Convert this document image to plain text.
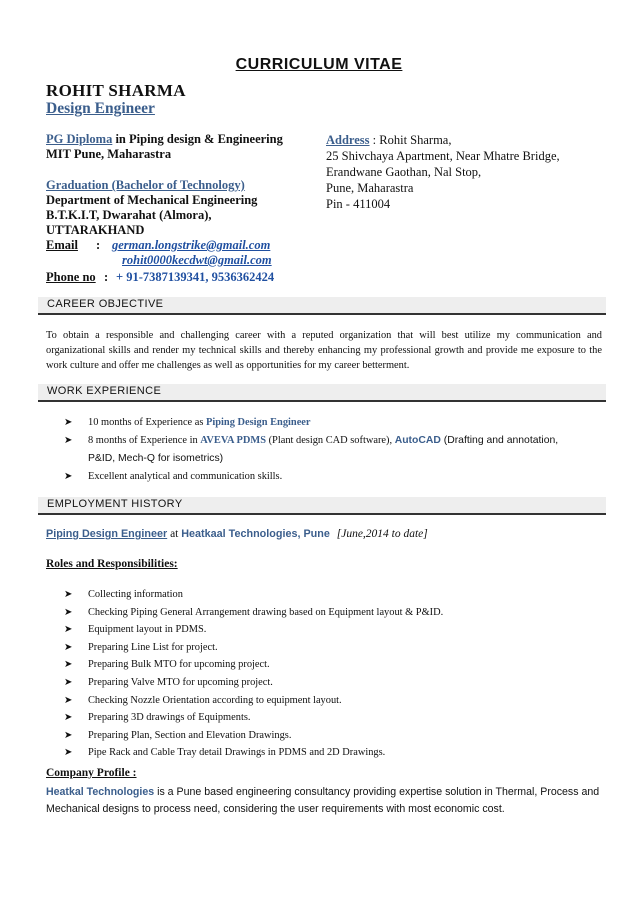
CURRICULUM VITAE
ROHIT SHARMA
Design Engineer
PG Diploma in Piping design & Engineering
MIT Pune, Maharastra
Graduation (Bachelor of Technology)
Department of Mechanical Engineering
B.T.K.I.T, Dwarahat (Almora),
UTTARAKHAND
Email	: german.longstrike@gmail.com
rohit0000kecdwt@gmail.com
Phone no : + 91-7387139341, 9536362424
Address : Rohit Sharma,
25 Shivchaya Apartment, Near Mhatre Bridge,
Erandwane Gaothan, Nal Stop,
Pune, Maharastra
Pin - 411004
CAREER OBJECTIVE
To obtain a responsible and challenging career with a reputed organization that will best utilize my communication and organizational skills and render my technical skills and thereby enhancing my professional growth and provide me exposure to the work culture and offer me challenges as well as opportunities for my career betterment.
WORK EXPERIENCE
➤ 10 months of Experience as Piping Design Engineer
➤ 8 months of Experience in AVEVA PDMS (Plant design CAD software), AutoCAD (Drafting and annotation,
P&ID, Mech-Q for isometrics)
➤ Excellent analytical and communication skills.
EMPLOYMENT HISTORY
Piping Design Engineer at Heatkaal Technologies, Pune [June,2014 to date]
Roles and Responsibilities:
➤ Collecting information
➤ Checking Piping General Arrangement drawing based on Equipment layout & P&ID.
➤ Equipment layout in PDMS.
➤ Preparing Line List for project.
➤ Preparing Bulk MTO for upcoming project.
➤ Preparing Valve MTO for upcoming project.
➤ Checking Nozzle Orientation according to equipment layout.
➤ Preparing 3D drawings of Equipments.
➤ Preparing Plan, Section and Elevation Drawings.
➤ Pipe Rack and Cable Tray detail Drawings in PDMS and 2D Drawings.
Company Profile :
Heatkal Technologies is a Pune based engineering consultancy providing expertise solution in Thermal, Process and Mechanical designs to process need, considering the user requirements with most economic cost.
